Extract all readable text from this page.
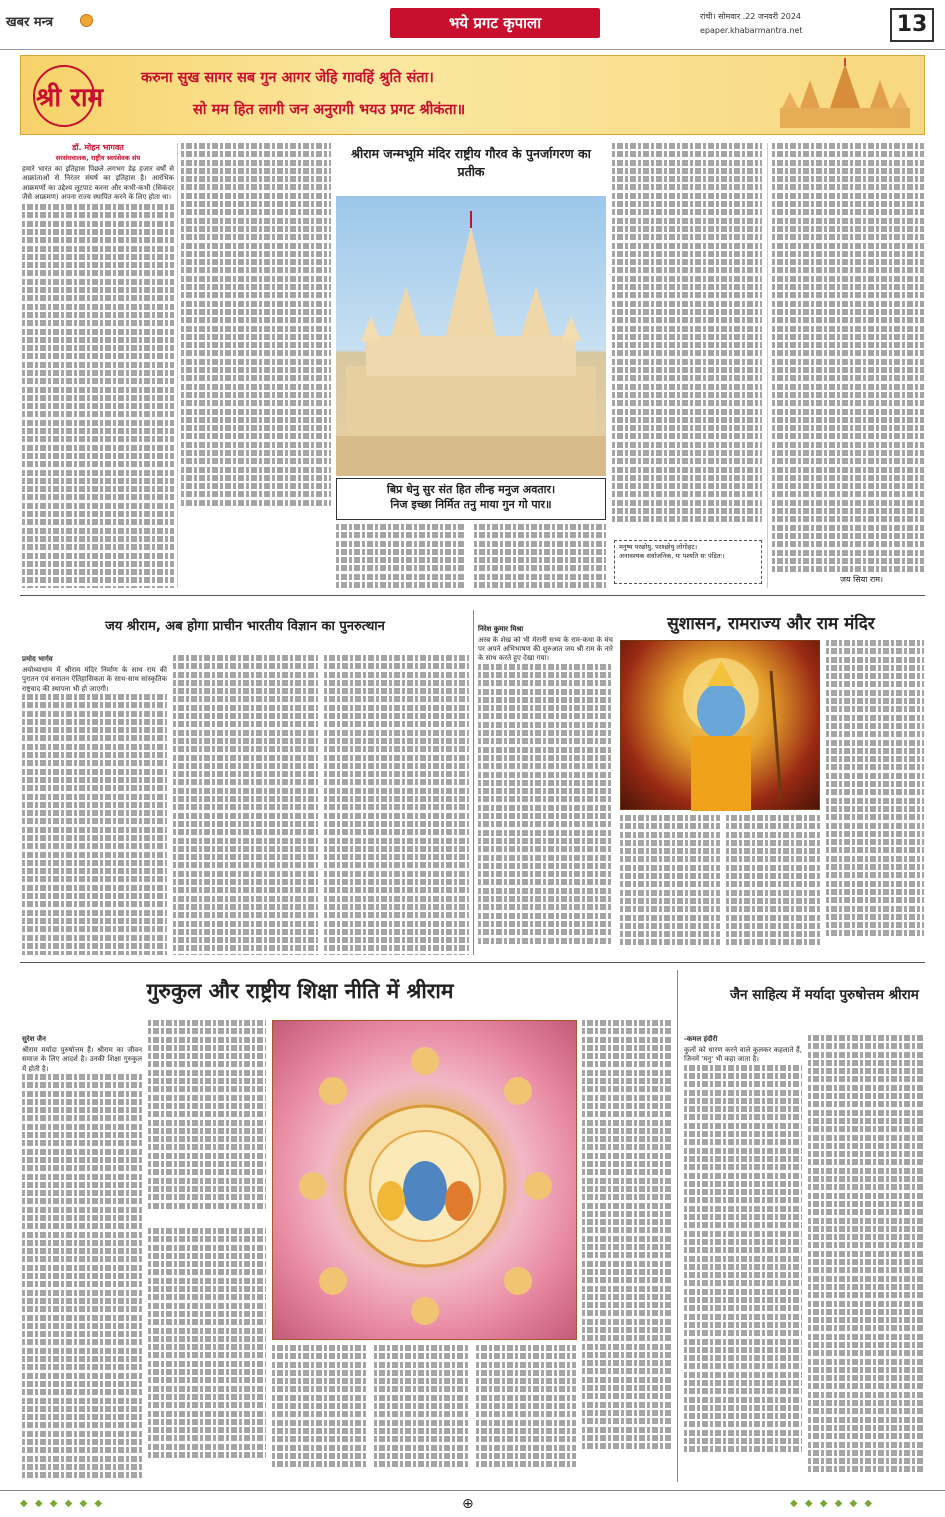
खबर मन्त्र	भये प्रगट कृपाला	रांची। सोमवार .22 जनवरी 2024
epaper.khabarmantra.net	13
करुना सुख सागर सब गुन आगर जेहि गावहिं श्रुति संता।
सो मम हित लागी जन अनुरागी भयउ प्रगट श्रीकंता॥
श्री राम
डॉ. मोहन भागवत
सरसंघचालक, राष्ट्रीय स्वयंसेवक संघ
हमारे भारत का इतिहास पिछले लगभग डेढ़ हजार वर्षों से आक्रांताओं से निरंतर संघर्ष का इतिहास है। आरंभिक आक्रमणों का उद्देश्य लूटपाट करना और कभी-कभी (सिकंदर जैसे आक्रमण) अपना राज्य स्थापित करने के लिए होता था।
श्रीराम जन्मभूमि मंदिर राष्ट्रीय गौरव के पुनर्जागरण का प्रतीक
बिप्र धेनु सुर संत हित लीन्ह मनुज अवतार।
निज इच्छा निर्मित तनु माया गुन गो पार॥
मनुष्य परछोयु, परश्छोयु लोगोहट।
अनावश्यक सर्वाजनिक, यः पश्यति सः पंडितः।
जय सिया राम।
जय श्रीराम, अब होगा प्राचीन भारतीय विज्ञान का पुनरुत्थान
प्रमोद भार्गव
अयोध्याधाम में श्रीराम मंदिर निर्माण के साथ राम की पुरातन एवं सनातन ऐतिहासिकता के साथ-साथ सांस्कृतिक राष्ट्रवाद की स्थापना भी हो जाएगी।
निरेश कुमार मिश्रा	सुशासन, रामराज्य और राम मंदिर
अरब के शेख को भी मेरानी सभ्य के राम-कथा के मंच पर अपने अभिभाषण की शुरुआत जय श्री राम के नारे के साथ करते हुए देखा गया।
गुरुकुल और राष्ट्रीय शिक्षा नीति में श्रीराम
सुरेश जैन
श्रीराम मर्यादा पुरुषोत्तम हैं। श्रीराम का जीवन समाज के लिए आदर्श है। उनकी शिक्षा गुरुकुल में होती है।
जैन साहित्य में मर्यादा पुरुषोत्तम श्रीराम
-कमल इंदौरी
कुलों को धारण करने वाले कुलकर कहलाते हैं, जिनमें 'मनु' भी कहा जाता है।
◆ ◆ ◆ ◆ ◆ ◆	⊕	◆ ◆ ◆ ◆ ◆ ◆
